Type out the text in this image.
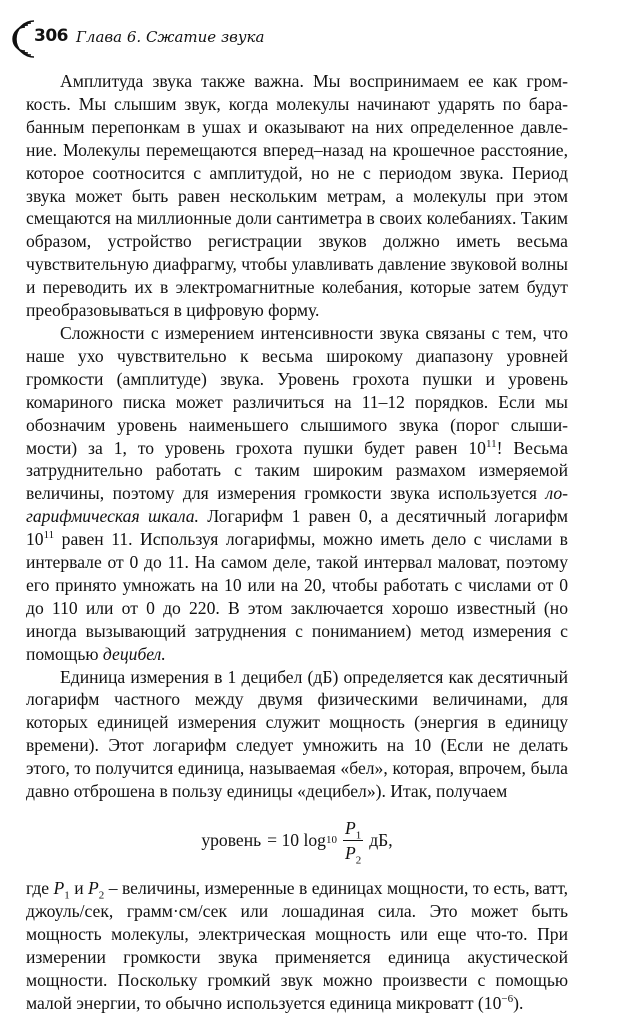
306 Глава 6. Сжатие звука

Амплитуда звука также важна. Мы воспринимаем ее как громкость. Мы слышим звук, когда молекулы начинают ударять по барабанным перепонкам в ушах и оказывают на них определенное давление. Молекулы перемещаются вперед–назад на крошечное расстояние, которое соотносится с амплитудой, но не с периодом звука. Период звука может быть равен нескольким метрам, а молекулы при этом смещаются на миллионные доли сантиметра в своих колебаниях. Таким образом, устройство регистрации звуков должно иметь весьма чувствительную диафрагму, чтобы улавливать давление звуковой волны и переводить их в электромагнитные колебания, которые затем будут преобразовываться в цифровую форму.

Сложности с измерением интенсивности звука связаны с тем, что наше ухо чувствительно к весьма широкому диапазону уровней громкости (амплитуде) звука. Уровень грохота пушки и уровень комариного писка может различиться на 11–12 порядков. Если мы обозначим уровень наименьшего слышимого звука (порог слышимости) за 1, то уровень грохота пушки будет равен $10^{11}$! Весьма затруднительно работать с таким широким размахом измеряемой величины, поэтому для измерения громкости звука используется логарифмическая шкала. Логарифм 1 равен 0, а десятичный логарифм $10^{11}$ равен 11. Используя логарифмы, можно иметь дело с числами в интервале от 0 до 11. На самом деле, такой интервал маловат, поэтому его принято умножать на 10 или на 20, чтобы работать с числами от 0 до 110 или от 0 до 220. В этом заключается хорошо известный (но иногда вызывающий затруднения с пониманием) метод измерения с помощью децибел.

Единица измерения в 1 децибел (дБ) определяется как десятичный логарифм частного между двумя физическими величинами, для которых единицей измерения служит мощность (энергия в единицу времени). Этот логарифм следует умножить на 10 (Если не делать этого, то получится единица, называемая «бел», которая, впрочем, была давно отброшена в пользу единицы «децибел»). Итак, получаем

уровень = 10 $\log 10 \frac{P_1}{P_2}$ дБ,

где $P_1$ и $P_2$ – величины, измеренные в единицах мощности, то есть, ватт, джоуль/сек, грамм·см/сек или лошадиная сила. Это может быть мощность молекулы, электрическая мощность или еще что-то. При измерении громкости звука применяется единица акустической мощности. Поскольку громкий звук можно произвести с помощью малой энергии, то обычно используется единица микроватт $(10^{-6})$.
